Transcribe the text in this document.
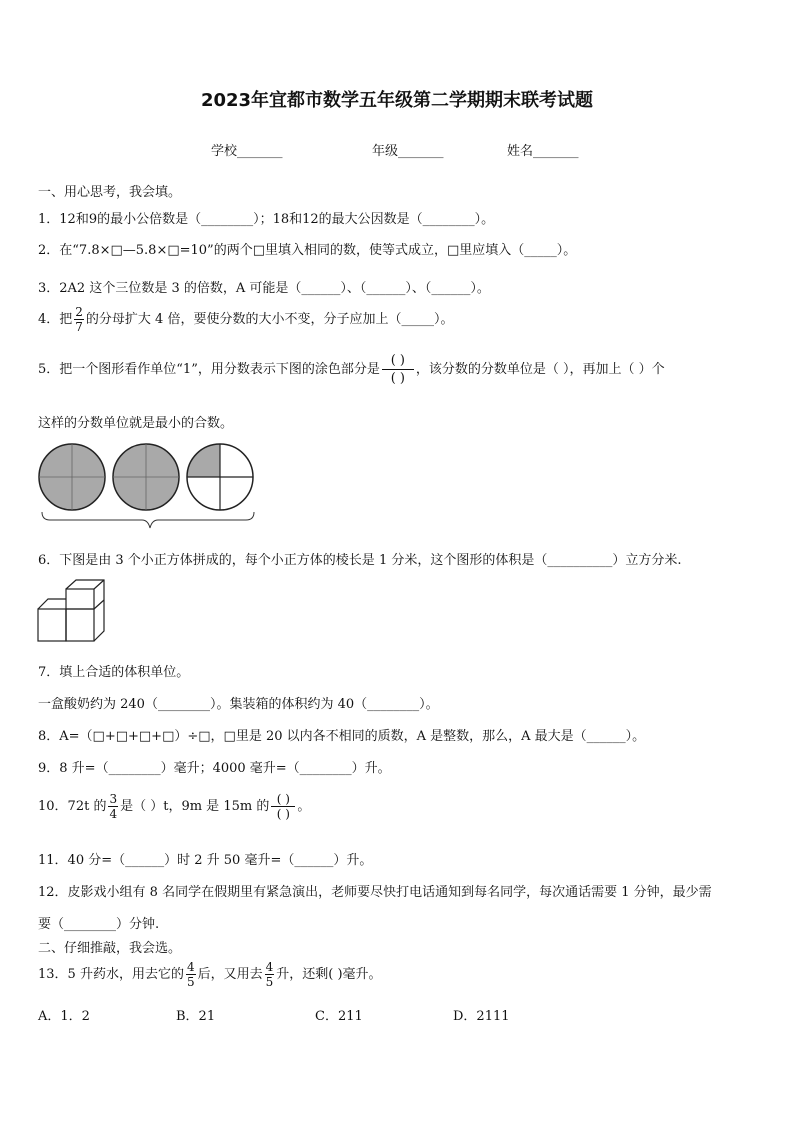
2023年宜都市数学五年级第二学期期末联考试题
学校_______	年级_______	姓名_______
一、用心思考，我会填。
1．12和9的最小公倍数是（________）；18和12的最大公因数是（________）。
2．在“7.8×□—5.8×□=10”的两个□里填入相同的数，使等式成立，□里应填入（_____）。
3．2A2 这个三位数是 3 的倍数，A 可能是（______）、（______）、（______）。
4．把 $\frac{2}{7}$ 的分母扩大 4 倍，要使分数的大小不变，分子应加上（_____）。
5．把一个图形看作单位“1”，用分数表示下图的涂色部分是 $\frac{( )}{( )}$ ，该分数的分数单位是（ ），再加上（ ）个
这样的分数单位就是最小的合数。
6．下图是由 3 个小正方体拼成的，每个小正方体的棱长是 1 分米，这个图形的体积是（__________）立方分米.
7．填上合适的体积单位。
一盒酸奶约为 240（________）。集装箱的体积约为 40（________）。
8．A=（□+□+□+□）÷□，□里是 20 以内各不相同的质数，A 是整数，那么，A 最大是（______）。
9．8 升=（________）毫升；4000 毫升=（________）升。
10．72t 的 $\frac{3}{4}$ 是（ ）t，9m 是 15m 的 $\frac{( )}{( )}$ 。
11．40 分=（______）时 2 升 50 毫升=（______）升。
12．皮影戏小组有 8 名同学在假期里有紧急演出，老师要尽快打电话通知到每名同学，每次通话需要 1 分钟，最少需
要（________）分钟.
二、仔细推敲，我会选。
13．5 升药水，用去它的 $\frac{4}{5}$ 后，又用去 $\frac{4}{5}$ 升，还剩( )毫升。
A．1．2	B．21	C．211	D．2111
